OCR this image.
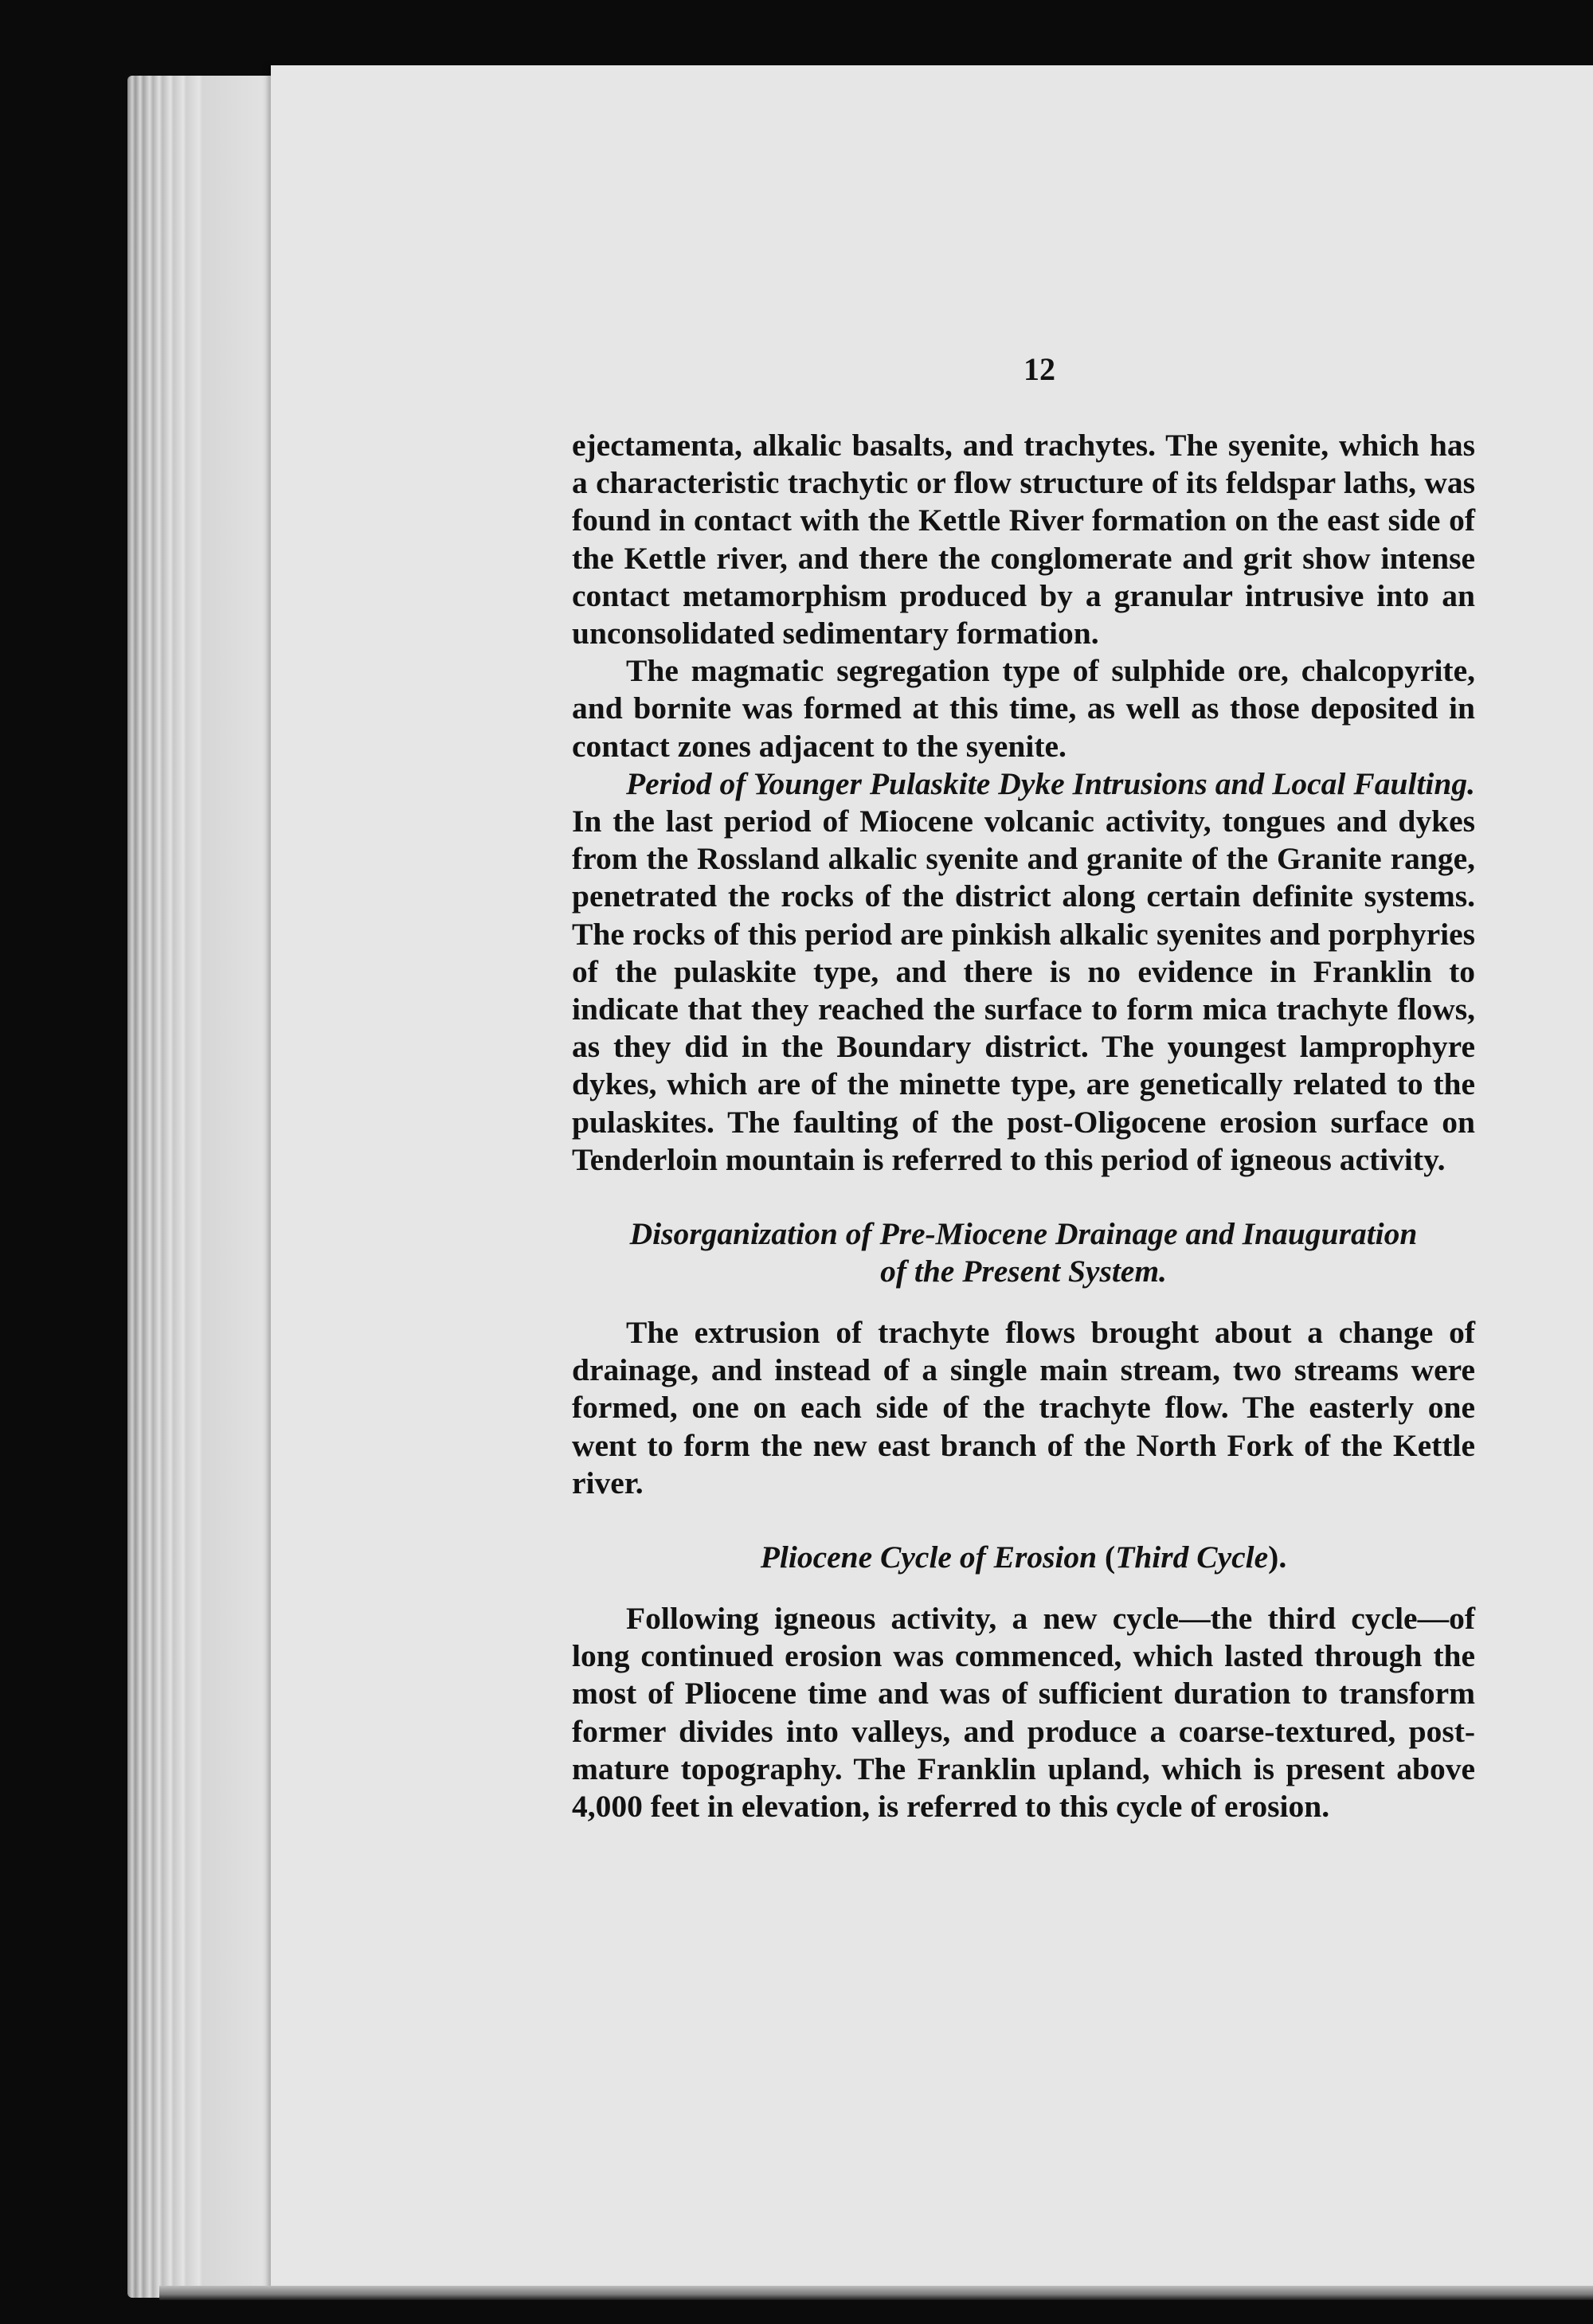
12

ejectamenta, alkalic basalts, and trachytes. The syenite, which has a characteristic trachytic or flow structure of its feldspar laths, was found in contact with the Kettle River formation on the east side of the Kettle river, and there the conglomerate and grit show intense contact metamorphism produced by a granular intrusive into an unconsolidated sedimentary formation.

The magmatic segregation type of sulphide ore, chalcopyrite, and bornite was formed at this time, as well as those deposited in contact zones adjacent to the syenite.

Period of Younger Pulaskite Dyke Intrusions and Local Faulting. In the last period of Miocene volcanic activity, tongues and dykes from the Rossland alkalic syenite and granite of the Granite range, penetrated the rocks of the district along certain definite systems. The rocks of this period are pinkish alkalic syenites and porphyries of the pulaskite type, and there is no evidence in Franklin to indicate that they reached the surface to form mica trachyte flows, as they did in the Boundary district. The youngest lamprophyre dykes, which are of the minette type, are genetically related to the pulaskites. The faulting of the post-Oligocene erosion surface on Tenderloin mountain is referred to this period of igneous activity.

Disorganization of Pre-Miocene Drainage and Inauguration
of the Present System.

The extrusion of trachyte flows brought about a change of drainage, and instead of a single main stream, two streams were formed, one on each side of the trachyte flow. The easterly one went to form the new east branch of the North Fork of the Kettle river.

Pliocene Cycle of Erosion (Third Cycle).

Following igneous activity, a new cycle—the third cycle—of long continued erosion was commenced, which lasted through the most of Pliocene time and was of sufficient duration to transform former divides into valleys, and produce a coarse-textured, post-mature topography. The Franklin upland, which is present above 4,000 feet in elevation, is referred to this cycle of erosion.
